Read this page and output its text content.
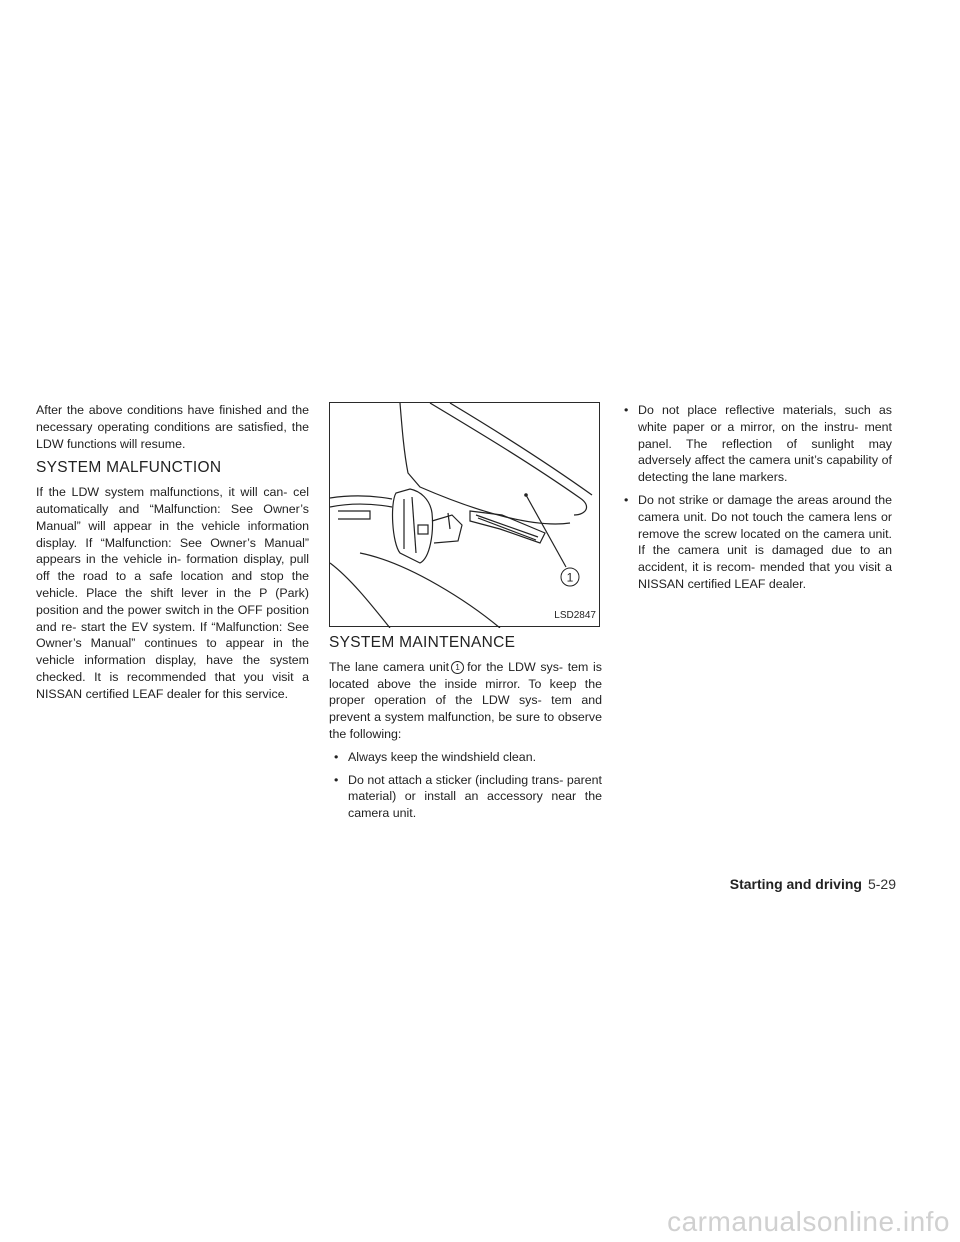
After the above conditions have finished and the necessary operating conditions are satisfied, the LDW functions will resume.

SYSTEM MALFUNCTION

If the LDW system malfunctions, it will can- cel automatically and “Malfunction: See Owner’s Manual” will appear in the vehicle information display. If “Malfunction: See Owner’s Manual” appears in the vehicle in- formation display, pull off the road to a safe location and stop the vehicle. Place the shift lever in the P (Park) position and the power switch in the OFF position and re- start the EV system. If “Malfunction: See Owner’s Manual” continues to appear in the vehicle information display, have the system checked. It is recommended that you visit a NISSAN certified LEAF dealer for this service.

1
LSD2847
SYSTEM MAINTENANCE

The lane camera unit 1 for the LDW sys- tem is located above the inside mirror. To keep the proper operation of the LDW sys- tem and prevent a system malfunction, be sure to observe the following:

• Always keep the windshield clean.
• Do not attach a sticker (including trans- parent material) or install an accessory near the camera unit.
• Do not place reflective materials, such as white paper or a mirror, on the instru- ment panel. The reflection of sunlight may adversely affect the camera unit’s capability of detecting the lane markers.
• Do not strike or damage the areas around the camera unit. Do not touch the camera lens or remove the screw located on the camera unit. If the camera unit is damaged due to an accident, it is recom- mended that you visit a NISSAN certified LEAF dealer.
Starting and driving 5-29
carmanualsonline.info
